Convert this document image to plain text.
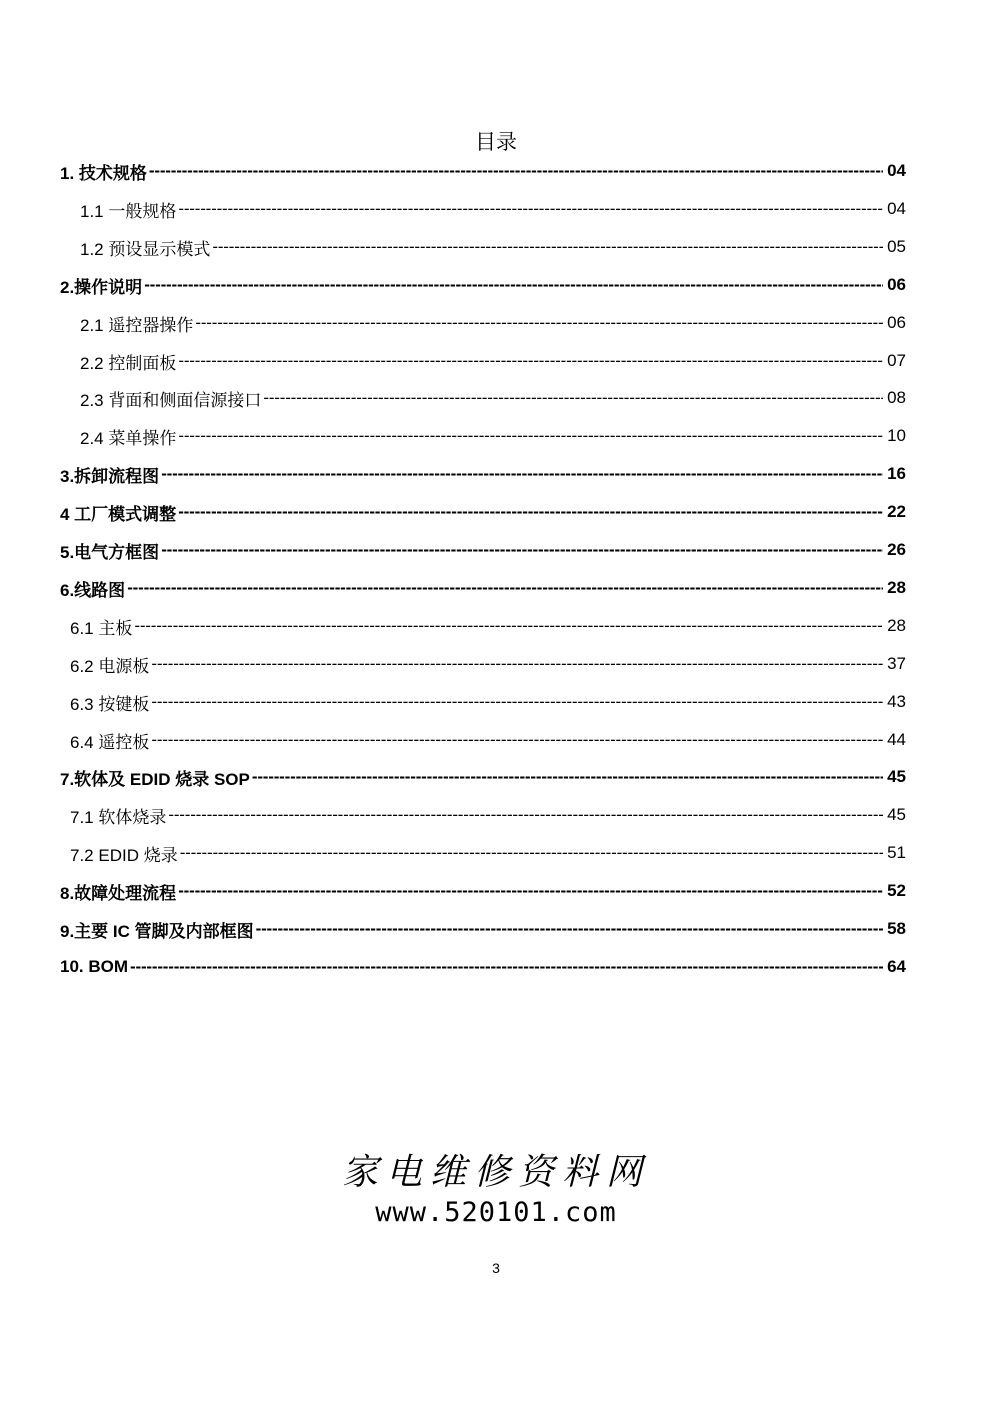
目录
1. 技术规格 -----	04
1.1 一般规格 -----	04
1.2 预设显示模式 -----	05
2.操作说明 -----	06
2.1 遥控器操作 -----	06
2.2 控制面板 -----	07
2.3 背面和侧面信源接口 -----	08
2.4 菜单操作 -----	10
3.拆卸流程图 -----	16
4 工厂模式调整 -----	22
5.电气方框图 -----	26
6.线路图 -----	28
6.1 主板 -----	28
6.2 电源板 -----	37
6.3 按键板 -----	43
6.4 遥控板 -----	44
7.软体及 EDID 烧录 SOP -----	45
7.1 软体烧录 -----	45
7.2 EDID 烧录 -----	51
8.故障处理流程 -----	52
9.主要 IC 管脚及内部框图 -----	58
10. BOM -----	64
家电维修资料网
www.520101.com
3
